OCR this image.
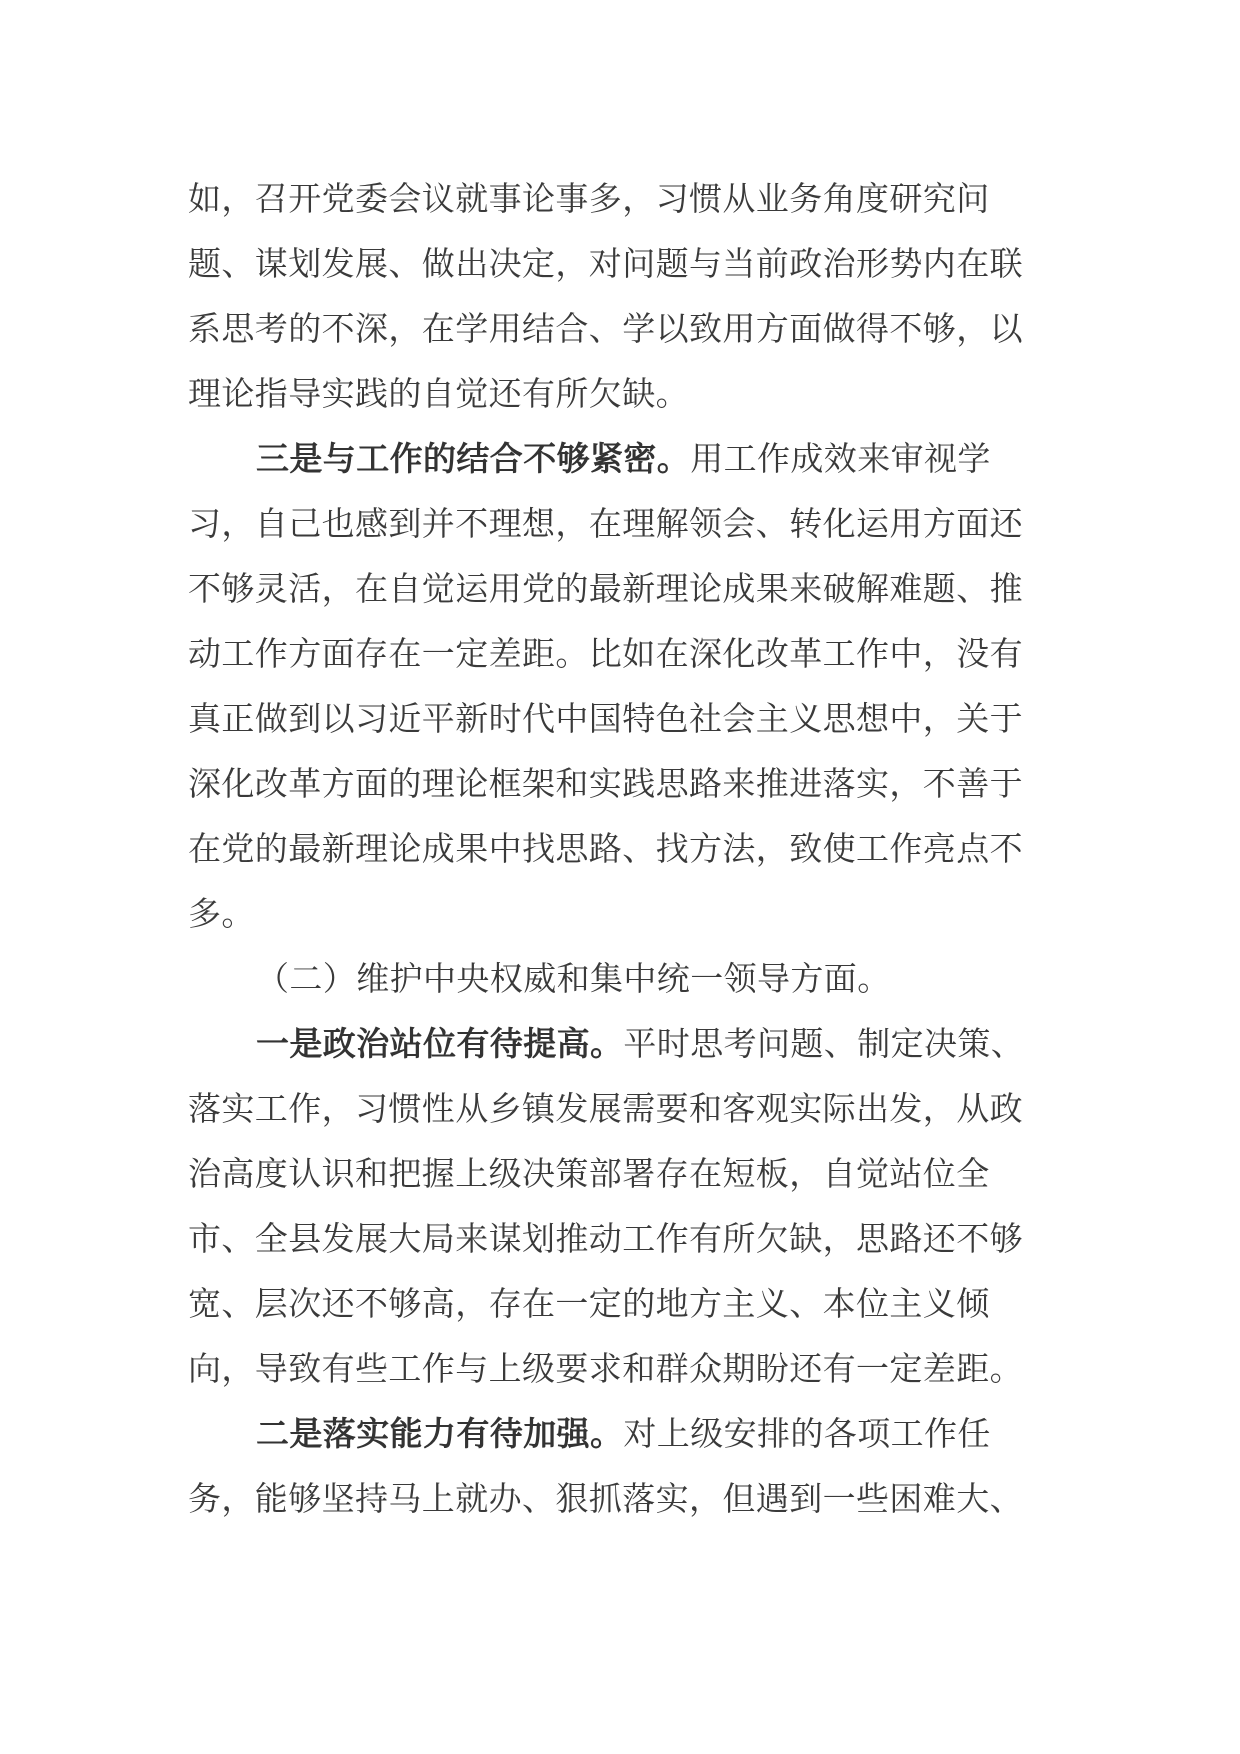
如，召开党委会议就事论事多，习惯从业务角度研究问
题、谋划发展、做出决定，对问题与当前政治形势内在联
系思考的不深，在学用结合、学以致用方面做得不够，以
理论指导实践的自觉还有所欠缺。
三是与工作的结合不够紧密。用工作成效来审视学
习，自己也感到并不理想，在理解领会、转化运用方面还
不够灵活，在自觉运用党的最新理论成果来破解难题、推
动工作方面存在一定差距。比如在深化改革工作中，没有
真正做到以习近平新时代中国特色社会主义思想中，关于
深化改革方面的理论框架和实践思路来推进落实，不善于
在党的最新理论成果中找思路、找方法，致使工作亮点不
多。
（二）维护中央权威和集中统一领导方面。
一是政治站位有待提高。平时思考问题、制定决策、
落实工作，习惯性从乡镇发展需要和客观实际出发，从政
治高度认识和把握上级决策部署存在短板，自觉站位全
市、全县发展大局来谋划推动工作有所欠缺，思路还不够
宽、层次还不够高，存在一定的地方主义、本位主义倾
向，导致有些工作与上级要求和群众期盼还有一定差距。
二是落实能力有待加强。对上级安排的各项工作任
务，能够坚持马上就办、狠抓落实，但遇到一些困难大、
